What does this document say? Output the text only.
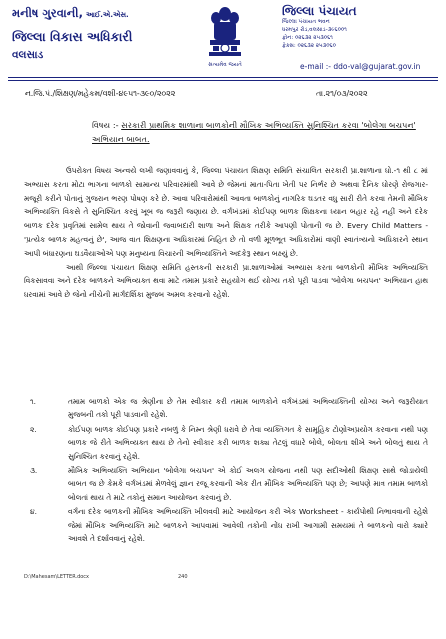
મનીષ ગુરવાની, આઈ.એ.એસ.
જિલ્લા વિકાસ અધિકારી
વલસાડ
સત્યમેવ જયતે
જિલ્લા પંચાયત
જિલ્લા પંચાયત ભવન
ધરમપુર રોડ,વલસાડ-૩૯૬૦૦૧
ફોન: ૦૨૬૩૨ ૨૫૩૦૬૧
ફેક્સ: ૦૨૬૩૨ ૨૫૩૦૬૦
e-mail :- ddo-val@gujarat.gov.in
ન.જિ.પં./શિક્ષણ/મહેકમ/વશી-૪૯૫૧-૩૯૦/૨૦૨૨	તા.૨૧/૦૩/૨૦૨૨
વિષય :- સરકારી પ્રાથમિક શાળાના બાળકોની મૌખિક અભિવ્યક્તિ સુનિશ્ચિત કરવા 'બોલેગા બચપન' અભિયાન બાબત.

ઉપરોક્ત વિષય અન્વયે લખી જણાવવાનું કે, જિલ્લા પંચાયત શિક્ષણ સમિતિ સંચાલિત સરકારી પ્રા.શાળાના ધો.-૧ થી ૮ માં અભ્યાસ કરતા મોટા ભાગના બાળકો સામાન્ય પરિવારમાંથી આવે છે જેમનાં માતા-પિતા ખેતી પર નિર્ભર છે અથવા દૈનિક ધોરણે રોજગાર-મજૂરી કરીને પોતાનું ગુજરાન ભરણ પોષણ કરે છે. આવા પરિવારોમાંથી આવતા બાળકોનું નાગરિક ઘડતર વધુ સારી રીતે કરવા તેમની મૌખિક અભિવ્યક્તિ વિકસે તે સુનિશ્ચિત કરવું ખૂબ જ જરૂરી જણાય છે. વર્ગખંડમાં કોઈપણ બાળક શિક્ષકના ધ્યાન બહાર રહે નહીં અને દરેક બાળક દરેક પ્રવૃતિમાં સામેલ થાય તે જોવાની જવાબદારી શાળા અને શિક્ષક તરીકે આપણી પોતાની જ છે. Every Child Matters - 'પ્રત્યેક બાળક મહત્વનું છે', આજ વાત શિક્ષણના અધિકારમાં નિહિત છે તો વળી મૂળભૂત અધિકારોમાં વાણી સ્વાતંત્ર્યનો અધિકારને સ્થાન આપી બંધારણના ઘડવૈયાઓએ પણ મનુષ્યના વિચારની અભિવ્યક્તિને અદકેરૂ સ્થાન બક્ષ્યું છે.

આથી જિલ્લા પંચાયત શિક્ષણ સમિતિ હસ્તકની સરકારી પ્રા.શાળાઓમાં અભ્યાસ કરતા બાળકોની મૌખિક અભિવ્યક્તિ વિકસાવવા અને દરેક બાળકને અભિવ્યક્ત થવા માટે તમામ પ્રકારે સહયોગ થઈ યોગ્ય તકો પૂરી પાડવા 'બોલેગા બચપન' અભિયાન હાથ ધરવામાં આવે છે જેનો નીચેની માર્ગદર્શિકા મુજબ અમલ કરવાનો રહેશે.

૧.	તમામ બાળકો એક જ શ્રેણીના છે તેમ સ્વીકાર કરી તમામ બાળકોને વર્ગખંડમાં અભિવ્યક્તિની યોગ્ય અને જરૂરીયાત મુજબની તકો પૂરી પાડવાની રહેશે.
૨.	કોઈપણ બાળક કોઈપણ પ્રકારે નબળું કે નિમ્ન શ્રેણી ધરાવે છે તેવા વ્યક્તિગત કે સામૂહિક ટોણોઅપ્રયોગ કરવાના નથી પણ બાળક જે રીતે અભિવ્યક્ત થાય છે તેનો સ્વીકાર કરી બાળક શક્ય તેટલું વધારે બોલે, બોલતા શીખે અને બોલતું થાય તે સુનિશ્ચિત કરવાનું રહેશે.
૩.	મૌખિક અભિવ્યક્તિ અભિયાન 'બોલેગા બચપન' એ કોઈ અલગ યોજના નથી પણ સદીઓથી શિક્ષણ સાથે જોડાયેલી બાબત જ છે કેમકે વર્ગખંડમાં મેળવેલું જ્ઞાન રજૂ કરવાની એક રીત મૌખિક અભિવ્યક્તિ પણ છે; આપણે માત્ર તમામ બાળકો બોલતાં થાય તે માટે તકોનું સમાન આયોજન કરવાનું છે.
૪.	વર્ગના દરેક બાળકની મૌખિક અભિવ્યક્તિ ખીલવવી માટે આયોજન કરી એક Worksheet - કાર્યપોથી નિભાવવાની રહેશે જેમાં મૌખિક અભિવ્યક્તિ માટે બાળકને આપવામાં આવેલી તકોની નોંધ રાખી આગામી સમયમાં તે બાળકનો વારો ક્યારે આવશે તે દર્શાવવાનું રહેશે.
D:\Mahesam\LETTER.docx	240
